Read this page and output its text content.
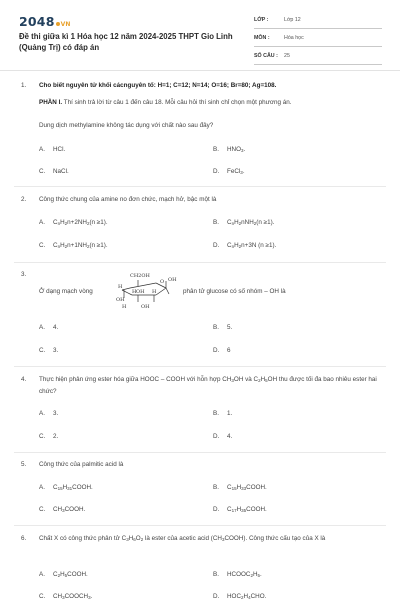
2048 VN
Đề thi giữa kì 1 Hóa học 12 năm 2024-2025 THPT Gio Linh (Quảng Trị) có đáp án
LỚP :	Lớp 12
MÔN :	Hóa học
SỐ CÂU : 25
1. Cho biết nguyên tử khối cácnguyên tố: H=1; C=12; N=14; O=16; Br=80; Ag=108.
PHẦN I. Thí sinh trả lời từ câu 1 đến câu 18. Mỗi câu hỏi thí sinh chỉ chọn một phương án.
Dung dịch methylamine không tác dụng với chất nào sau đây?
A. HCl.	B. $HNO_3$.
C. NaCl.	D. FeCl$_3$.
2. Công thức chung của amine no đơn chức, mạch hở, bậc một là
A. $C_nH_2n+2NH_2(n \ge 1)$.	B. $C_nH_2nNH_2(n \ge 1)$.
C. $C_nH_2n+1NH_2(n \ge 1)$.	D. $C_nH_2n+3N$ (n ≥1).
3.
Ở dạng mạch vòng	phân tử glucose có số nhóm – OH là
CH2OH
H
O OH
H OH H
OH
H	OH
A. 4.	B. 5.
C. 3.	D. 6
4. Thực hiện phản ứng ester hóa giữa HOOC – COOH với hỗn hợp $CH_3OH$ và $C_2H_5OH$ thu được tối đa bao nhiêu ester hai chức?
A. 3.	B. 1.
C. 2.	D. 4.
5. Công thức của palmitic acid là
A. $C_{15}H_{31}COOH$.	B. $C_{15}H_{33}COOH$.
C. $CH_3COOH$.	D. $C_{17}H_{35}COOH$.
6. Chất X có công thức phân tử $C_3H_6O_2$ là ester của acetic acid $(CH_3COOH)$. Công thức cấu tạo của X là
A. $C_2H_5COOH$.	B. $HCOOC_2H_5$.
C. $CH_3COOCH_3$.	D. $HOC_2H_4CHO$.
